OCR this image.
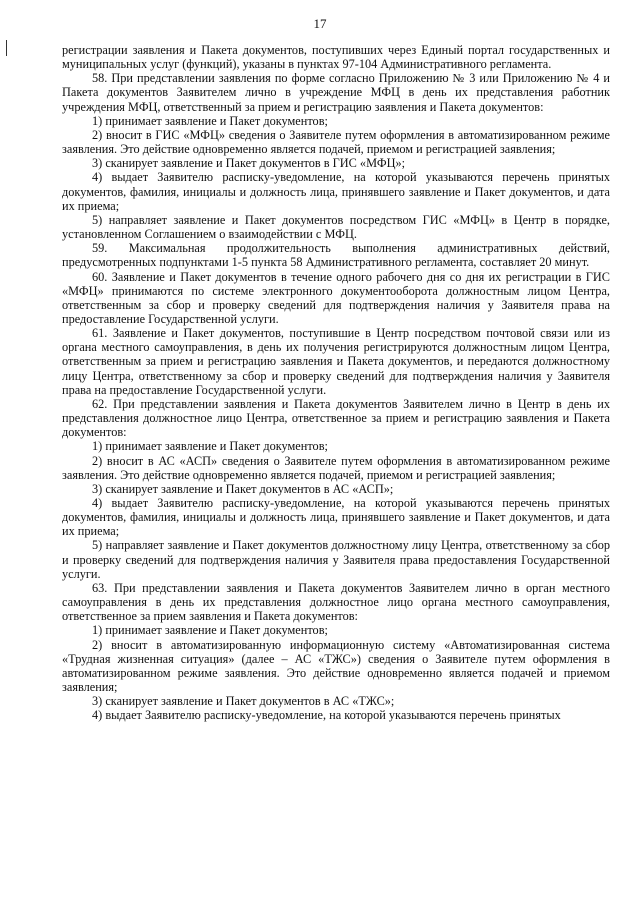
17

регистрации заявления и Пакета документов, поступивших через Единый портал государственных и муниципальных услуг (функций), указаны в пунктах 97-104 Административного регламента.

58. При представлении заявления по форме согласно Приложению № 3 или Приложению № 4 и Пакета документов Заявителем лично в учреждение МФЦ в день их представления работник учреждения МФЦ, ответственный за прием и регистрацию заявления и Пакета документов:

1) принимает заявление и Пакет документов;

2) вносит в ГИС «МФЦ» сведения о Заявителе путем оформления в автоматизированном режиме заявления. Это действие одновременно является подачей, приемом и регистрацией заявления;

3) сканирует заявление и Пакет документов в ГИС «МФЦ»;

4) выдает Заявителю расписку-уведомление, на которой указываются перечень принятых документов, фамилия, инициалы и должность лица, принявшего заявление и Пакет документов, и дата их приема;

5) направляет заявление и Пакет документов посредством ГИС «МФЦ» в Центр в порядке, установленном Соглашением о взаимодействии с МФЦ.

59. Максимальная продолжительность выполнения административных действий, предусмотренных подпунктами 1-5 пункта 58 Административного регламента, составляет 20 минут.

60. Заявление и Пакет документов в течение одного рабочего дня со дня их регистрации в ГИС «МФЦ» принимаются по системе электронного документооборота должностным лицом Центра, ответственным за сбор и проверку сведений для подтверждения наличия у Заявителя права на предоставление Государственной услуги.

61. Заявление и Пакет документов, поступившие в Центр посредством почтовой связи или из органа местного самоуправления, в день их получения регистрируются должностным лицом Центра, ответственным за прием и регистрацию заявления и Пакета документов, и передаются должностному лицу Центра, ответственному за сбор и проверку сведений для подтверждения наличия у Заявителя права на предоставление Государственной услуги.

62. При представлении заявления и Пакета документов Заявителем лично в Центр в день их представления должностное лицо Центра, ответственное за прием и регистрацию заявления и Пакета документов:

1) принимает заявление и Пакет документов;

2) вносит в АС «АСП» сведения о Заявителе путем оформления в автоматизированном режиме заявления. Это действие одновременно является подачей, приемом и регистрацией заявления;

3) сканирует заявление и Пакет документов в АС «АСП»;

4) выдает Заявителю расписку-уведомление, на которой указываются перечень принятых документов, фамилия, инициалы и должность лица, принявшего заявление и Пакет документов, и дата их приема;

5) направляет заявление и Пакет документов должностному лицу Центра, ответственному за сбор и проверку сведений для подтверждения наличия у Заявителя права предоставления Государственной услуги.

63. При представлении заявления и Пакета документов Заявителем лично в орган местного самоуправления в день их представления должностное лицо органа местного самоуправления, ответственное за прием заявления и Пакета документов:

1) принимает заявление и Пакет документов;

2) вносит в автоматизированную информационную систему «Автоматизированная система «Трудная жизненная ситуация» (далее – АС «ТЖС») сведения о Заявителе путем оформления в автоматизированном режиме заявления. Это действие одновременно является подачей и приемом заявления;

3) сканирует заявление и Пакет документов в АС «ТЖС»;

4) выдает Заявителю расписку-уведомление, на которой указываются перечень принятых
